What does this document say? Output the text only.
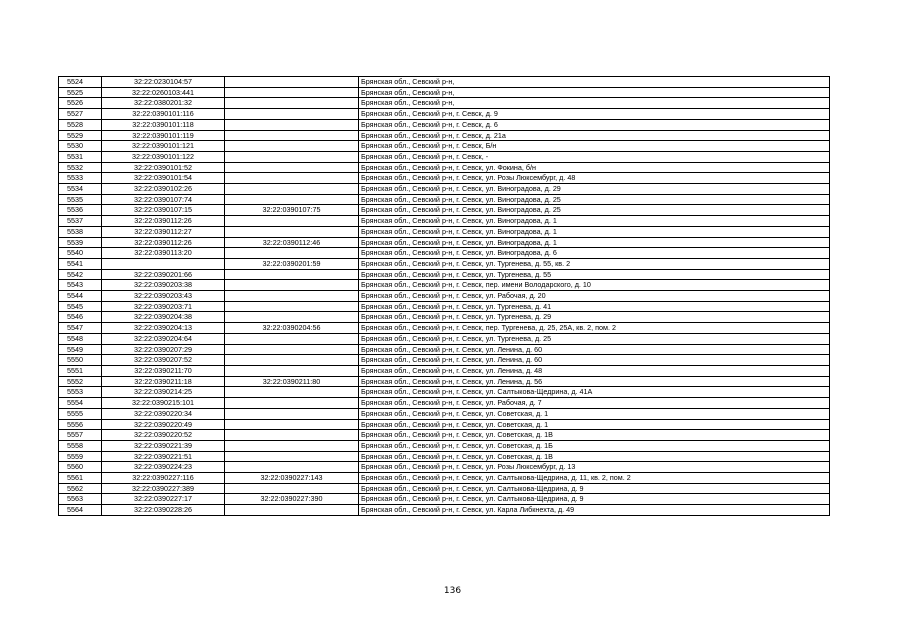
5524	32:22:0230104:57		Брянская обл., Севский р-н,
5525	32:22:0260103:441		Брянская обл., Севский р-н,
5526	32:22:0380201:32		Брянская обл., Севский р-н,
5527	32:22:0390101:116		Брянская обл., Севский р-н, г. Севск, д. 9
5528	32:22:0390101:118		Брянская обл., Севский р-н, г. Севск, д. 6
5529	32:22:0390101:119		Брянская обл., Севский р-н, г. Севск, д. 21а
5530	32:22:0390101:121		Брянская обл., Севский р-н, г. Севск, Б/н
5531	32:22:0390101:122		Брянская обл., Севский р-н, г. Севск, -
5532	32:22:0390101:52		Брянская обл., Севский р-н, г. Севск, ул. Фокина, б/н
5533	32:22:0390101:54		Брянская обл., Севский р-н, г. Севск, ул. Розы Люксембург, д. 48
5534	32:22:0390102:26		Брянская обл., Севский р-н, г. Севск, ул. Виноградова, д. 29
5535	32:22:0390107:74		Брянская обл., Севский р-н, г. Севск, ул. Виноградова, д. 25
5536	32:22:0390107:15	32:22:0390107:75	Брянская обл., Севский р-н, г. Севск, ул. Виноградова, д. 25
5537	32:22:0390112:26		Брянская обл., Севский р-н, г. Севск, ул. Виноградова, д. 1
5538	32:22:0390112:27		Брянская обл., Севский р-н, г. Севск, ул. Виноградова, д. 1
5539	32:22:0390112:26	32:22:0390112:46	Брянская обл., Севский р-н, г. Севск, ул. Виноградова, д. 1
5540	32:22:0390113:20		Брянская обл., Севский р-н, г. Севск, ул. Виноградова, д. 6
5541		32:22:0390201:59	Брянская обл., Севский р-н, г. Севск, ул. Тургенева, д. 55, кв. 2
5542	32:22:0390201:66		Брянская обл., Севский р-н, г. Севск, ул. Тургенева, д. 55
5543	32:22:0390203:38		Брянская обл., Севский р-н, г. Севск, пер. имени Володарского, д. 10
5544	32:22:0390203:43		Брянская обл., Севский р-н, г. Севск, ул. Рабочая, д. 20
5545	32:22:0390203:71		Брянская обл., Севский р-н, г. Севск, ул. Тургенева, д. 41
5546	32:22:0390204:38		Брянская обл., Севский р-н, г. Севск, ул. Тургенева, д. 29
5547	32:22:0390204:13	32:22:0390204:56	Брянская обл., Севский р-н, г. Севск, пер. Тургенева, д. 25, 25А, кв. 2, пом. 2
5548	32:22:0390204:64		Брянская обл., Севский р-н, г. Севск, ул. Тургенева, д. 25
5549	32:22:0390207:29		Брянская обл., Севский р-н, г. Севск, ул. Ленина, д. 60
5550	32:22:0390207:52		Брянская обл., Севский р-н, г. Севск, ул. Ленина, д. 60
5551	32:22:0390211:70		Брянская обл., Севский р-н, г. Севск, ул. Ленина, д. 48
5552	32:22:0390211:18	32:22:0390211:80	Брянская обл., Севский р-н, г. Севск, ул. Ленина, д. 56
5553	32:22:0390214:25		Брянская обл., Севский р-н, г. Севск, ул. Салтыкова-Щедрина, д. 41А
5554	32:22:0390215:101		Брянская обл., Севский р-н, г. Севск, ул. Рабочая, д. 7
5555	32:22:0390220:34		Брянская обл., Севский р-н, г. Севск, ул. Советская, д. 1
5556	32:22:0390220:49		Брянская обл., Севский р-н, г. Севск, ул. Советская, д. 1
5557	32:22:0390220:52		Брянская обл., Севский р-н, г. Севск, ул. Советская, д. 1В
5558	32:22:0390221:39		Брянская обл., Севский р-н, г. Севск, ул. Советская, д. 1Б
5559	32:22:0390221:51		Брянская обл., Севский р-н, г. Севск, ул. Советская, д. 1В
5560	32:22:0390224:23		Брянская обл., Севский р-н, г. Севск, ул. Розы Люксембург, д. 13
5561	32:22:0390227:116	32:22:0390227:143	Брянская обл., Севский р-н, г. Севск, ул. Салтыкова-Щедрина, д. 11, кв. 2, пом. 2
5562	32:22:0390227:389		Брянская обл., Севский р-н, г. Севск, ул. Салтыкова-Щедрина, д. 9
5563	32:22:0390227:17	32:22:0390227:390	Брянская обл., Севский р-н, г. Севск, ул. Салтыкова-Щедрина, д. 9
5564	32:22:0390228:26		Брянская обл., Севский р-н, г. Севск, ул. Карла Либкнехта, д. 49
136
